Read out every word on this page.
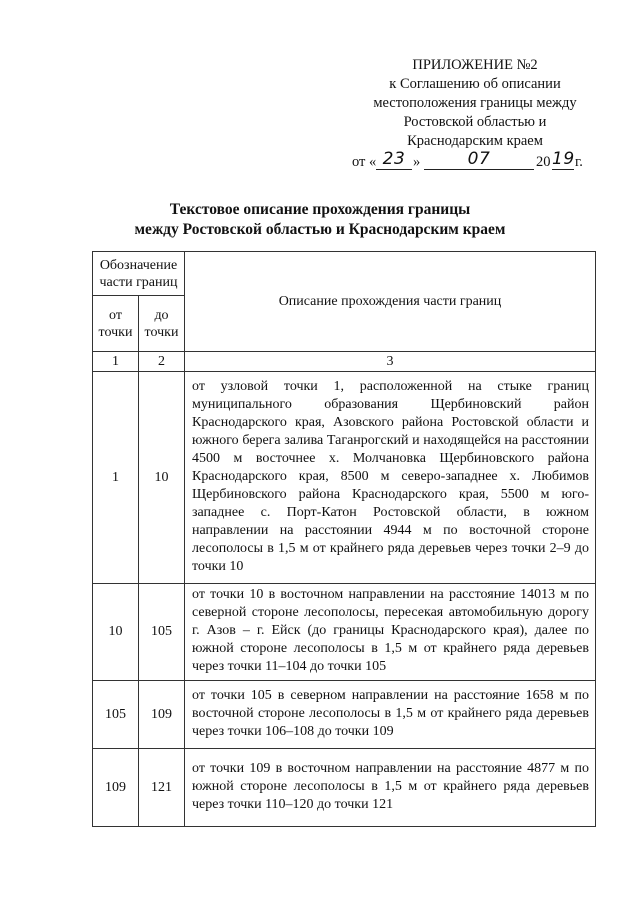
ПРИЛОЖЕНИЕ №2
к Соглашению об описании
местоположения границы между
Ростовской областью и
Краснодарским краем
от « 23 »	07	20 19 г.
Текстовое описание прохождения границы
между Ростовской областью и Краснодарским краем
Обозначение части границ		Описание прохождения части границ
от точки	до точки	
1	2	3
1	10	от узловой точки 1, расположенной на стыке границ муниципального образования Щербиновский район Краснодарского края, Азовского района Ростовской области и южного берега залива Таганрогский и находящейся на расстоянии 4500 м восточнее х. Молчановка Щербиновского района Краснодарского края, 8500 м северо-западнее х. Любимов Щербиновского района Краснодарского края, 5500 м юго-западнее с. Порт-Катон Ростовской области, в южном направлении на расстоянии 4944 м по восточной стороне лесополосы в 1,5 м от крайнего ряда деревьев через точки 2–9 до точки 10
10	105	от точки 10 в восточном направлении на расстояние 14013 м по северной стороне лесополосы, пересекая автомобильную дорогу г. Азов – г. Ейск (до границы Краснодарского края), далее по южной стороне лесополосы в 1,5 м от крайнего ряда деревьев через точки 11–104 до точки 105
105	109	от точки 105 в северном направлении на расстояние 1658 м по восточной стороне лесополосы в 1,5 м от крайнего ряда деревьев через точки 106–108 до точки 109
109	121	от точки 109 в восточном направлении на расстояние 4877 м по южной стороне лесополосы в 1,5 м от крайнего ряда деревьев через точки 110–120 до точки 121
